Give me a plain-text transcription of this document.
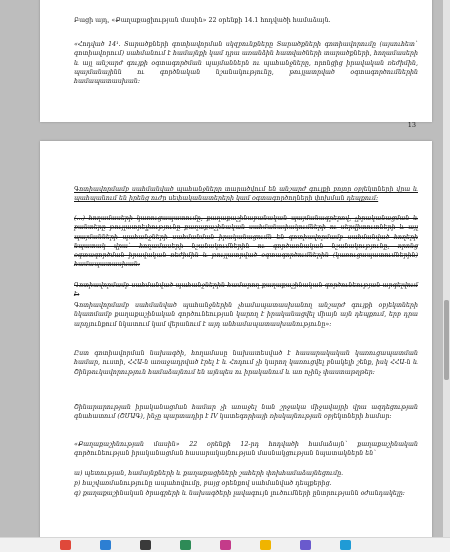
Բացի այդ, «Քաղաքացիության մասին» 22 օրենքի 14.1 հոդվածի համաձայն.
«Հոդված 14¹. Տարածքների գոտիավորման սկզբունքները Տարածքների գոտիավորումը (այսուհետ` գոտիավորում) սահմանում է համայնքի կամ դրա առանձին հատվածների տարածքների, հողամասերի և այլ անշարժ գույքի օգտագործման պայմաններն ու պահանջները, որոնցից իրավական ռեժիմին, պայմանայինն ու գործնական նշանակությունը, թույլատրված օգտագործումներին համապատասխան:
13
Գոտիավորմամբ սահմանված պահանջները տարածվում են անշարժ գույքի բոլոր օբյեկտների վրա և պահպանում են իրենց ուժը սեփականատերերի կամ օգտագործողների փոխման դեպքում:
(...) հողամասերի կառուցապատումը, քաղաքաշինաբանական պայմանագրերով, չիրականացման և բանտերը թույլատրելիությունը քաղաքաշինական սահմանափակումների ու սերվիտուտների և այլ պայմանների պահանջների սահմանման իրականացումն են գոտիավորմամբ սահմանված հողերի նպատակ վրա` հողամասերի նշանակումներին ու գործառնական նշանակությունը, որոնց օգտագործման իրավական ռեժիմին և թույլատրված օգտագործումներին (կառուցապատումներին) համապատասխան:
Գոտիավորմամբ սահմանված պահանջներին համարող քաղաքաշինական գործունեության արգելվում է:
Գոտիավորմամբ սահմանված պահանջներին չհամապատասխանող անշարժ գույքի օբյեկտների նկատմամբ քաղաքաշինական գործունեության կարող է իրականացվել միայն այն դեպքում, երբ դրա արդյունքում նկատում կամ վերանում է այդ անհամապատասխանությունը»:
Ըստ գոտիավորման նախագծի, հողամասը նախատեսված է հասարակական կառուցապատման համար, ուստի, ՀՀԱ-ն առաջադրված էրել է և Հոդում չի կարող կառուցվել բնակելի շենք, իսկ ՀՀԱ-ն և Շինթուկավորություն համաձայնում են այնպես ու իրականում և առ ոչինչ փաստաթղթեր:
Շինարարության իրականացման համար չի առաջել նան շրջակա միջավայրի վրա ազդեցության գնահատում (ՇՄԱԳ), ինչը պարտադիր է IV կատեգորիայի ռիսկայնության օբյեկտների համար:
«Քաղաքաշինության մասին» 22 օրենքի 12-րդ հոդվածի համաձայն` քաղաքաշինական գործունեության իրականացման հասարակայնության մասնակցության նպատակներն են`
ա) պետության, համայնքների և քաղաքացիների շահերի փոխհամաձայնեցումը.
բ) հաշվառմանությունը ապահովումը, բայց օրենքով սահմանված դեպքերից.
գ) քաղաքաշինական ծրագրերի և նախագծերի լավագույն լուծումների ընտրությանն օժանդակելը:
